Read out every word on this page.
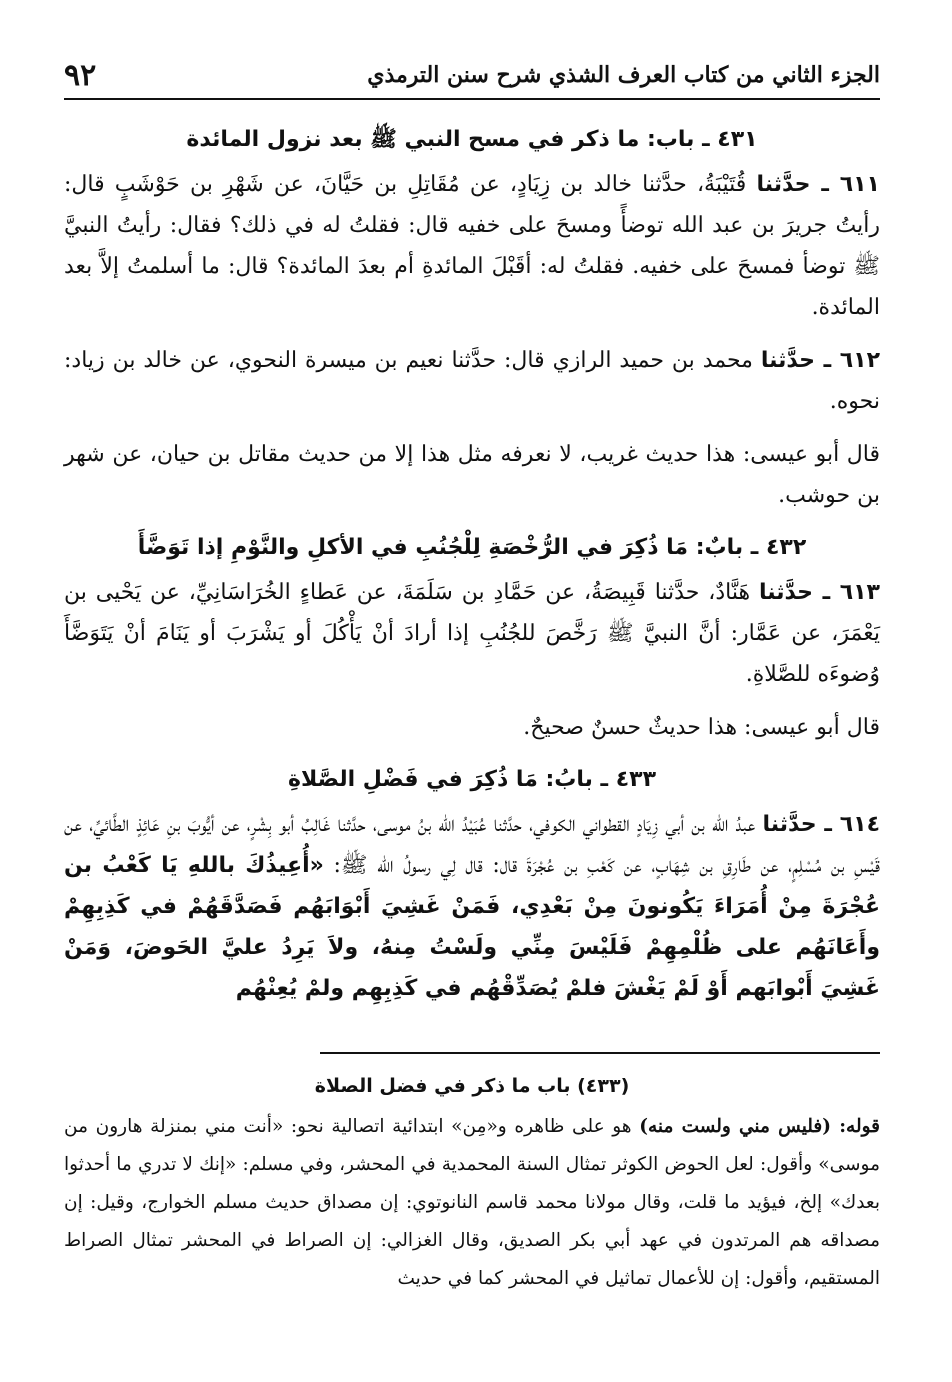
الجزء الثاني من كتاب العرف الشذي شرح سنن الترمذي
٩٢
٤٣١ ـ باب: ما ذكر في مسح النبي ﷺ بعد نزول المائدة

٦١١ ـ حدَّثنا قُتَيْبَةُ، حدَّثنا خالد بن زِيَادٍ، عن مُقَاتِلِ بن حَيَّانَ، عن شَهْرِ بن حَوْشَبٍ قال: رأيتُ جريرَ بن عبد الله توضأً ومسحَ على خفيه قال: فقلتُ له في ذلك؟ فقال: رأيتُ النبيَّ ﷺ توضأ فمسحَ على خفيه. فقلتُ له: أقَبْلَ المائدةِ أم بعدَ المائدة؟ قال: ما أسلمتُ إلاَّ بعد المائدة.

٦١٢ ـ حدَّثنا محمد بن حميد الرازي قال: حدَّثنا نعيم بن ميسرة النحوي، عن خالد بن زياد: نحوه.

قال أبو عيسى: هذا حديث غريب، لا نعرفه مثل هذا إلا من حديث مقاتل بن حيان، عن شهر بن حوشب.

٤٣٢ ـ بابٌ: مَا ذُكِرَ في الرُّخْصَةِ لِلْجُنُبِ في الأكلِ والنَّوْمِ إذا تَوَضَّأَ

٦١٣ ـ حدَّثنا هَنَّادٌ، حدَّثنا قَبِيصَةُ، عن حَمَّادِ بن سَلَمَةَ، عن عَطاءٍ الخُرَاسَانِيِّ، عن يَحْيى بن يَعْمَرَ، عن عَمَّار: أنَّ النبيَّ ﷺ رَخَّصَ للجُنُبِ إذا أرادَ أنْ يَأْكُلَ أو يَشْرَبَ أو يَنَامَ أنْ يَتَوَضَّأَ وُضوءَه للصَّلاةِ.

قال أبو عيسى: هذا حديثٌ حسنٌ صحيحٌ.

٤٣٣ ـ بابُ: مَا ذُكِرَ في فَضْلِ الصَّلاةِ

٦١٤ ـ حدَّثنا عبدُ الله بن أبي زِيَادٍ القطواني الكوفي، حدَّثنا عُبَيْدُ الله بنُ موسى، حدَّثنا غَالِبُ أبو بِشْرٍ، عن أيُّوبَ بنِ عَائِذٍ الطَّائيِّ، عن قَيْسِ بن مُسْلِمٍ، عن طَارِقِ بن شِهَابٍ، عن كَعْبِ بن عُجْرَةَ قال: قال لِي رسولُ الله ﷺ: «أُعِيذُكَ باللهِ يَا كَعْبُ بن عُجْرَةَ مِنْ أُمَرَاءَ يَكُونونَ مِنْ بَعْدِي، فَمَنْ غَشِيَ أَبْوَابَهُم فَصَدَّقَهُمْ في كَذِبِهِمْ وأَعَانَهُم على ظُلْمِهِمْ فَلَيْسَ مِنِّي ولَسْتُ مِنهُ، ولاَ يَرِدُ عليَّ الحَوضَ، وَمَنْ غَشِيَ أَبْوابَهم أَوْ لَمْ يَغْشَ فلمْ يُصَدِّقْهُم في كَذِبِهِم ولمْ يُعِنْهُم

(٤٣٣) باب ما ذكر في فضل الصلاة

قوله: (فليس مني ولست منه) هو على ظاهره و«مِن» ابتدائية اتصالية نحو: «أنت مني بمنزلة هارون من موسى» وأقول: لعل الحوض الكوثر تمثال السنة المحمدية في المحشر، وفي مسلم: «إنك لا تدري ما أحدثوا بعدك» إلخ، فيؤيد ما قلت، وقال مولانا محمد قاسم النانوتوي: إن مصداق حديث مسلم الخوارج، وقيل: إن مصداقه هم المرتدون في عهد أبي بكر الصديق، وقال الغزالي: إن الصراط في المحشر تمثال الصراط المستقيم، وأقول: إن للأعمال تماثيل في المحشر كما في حديث
